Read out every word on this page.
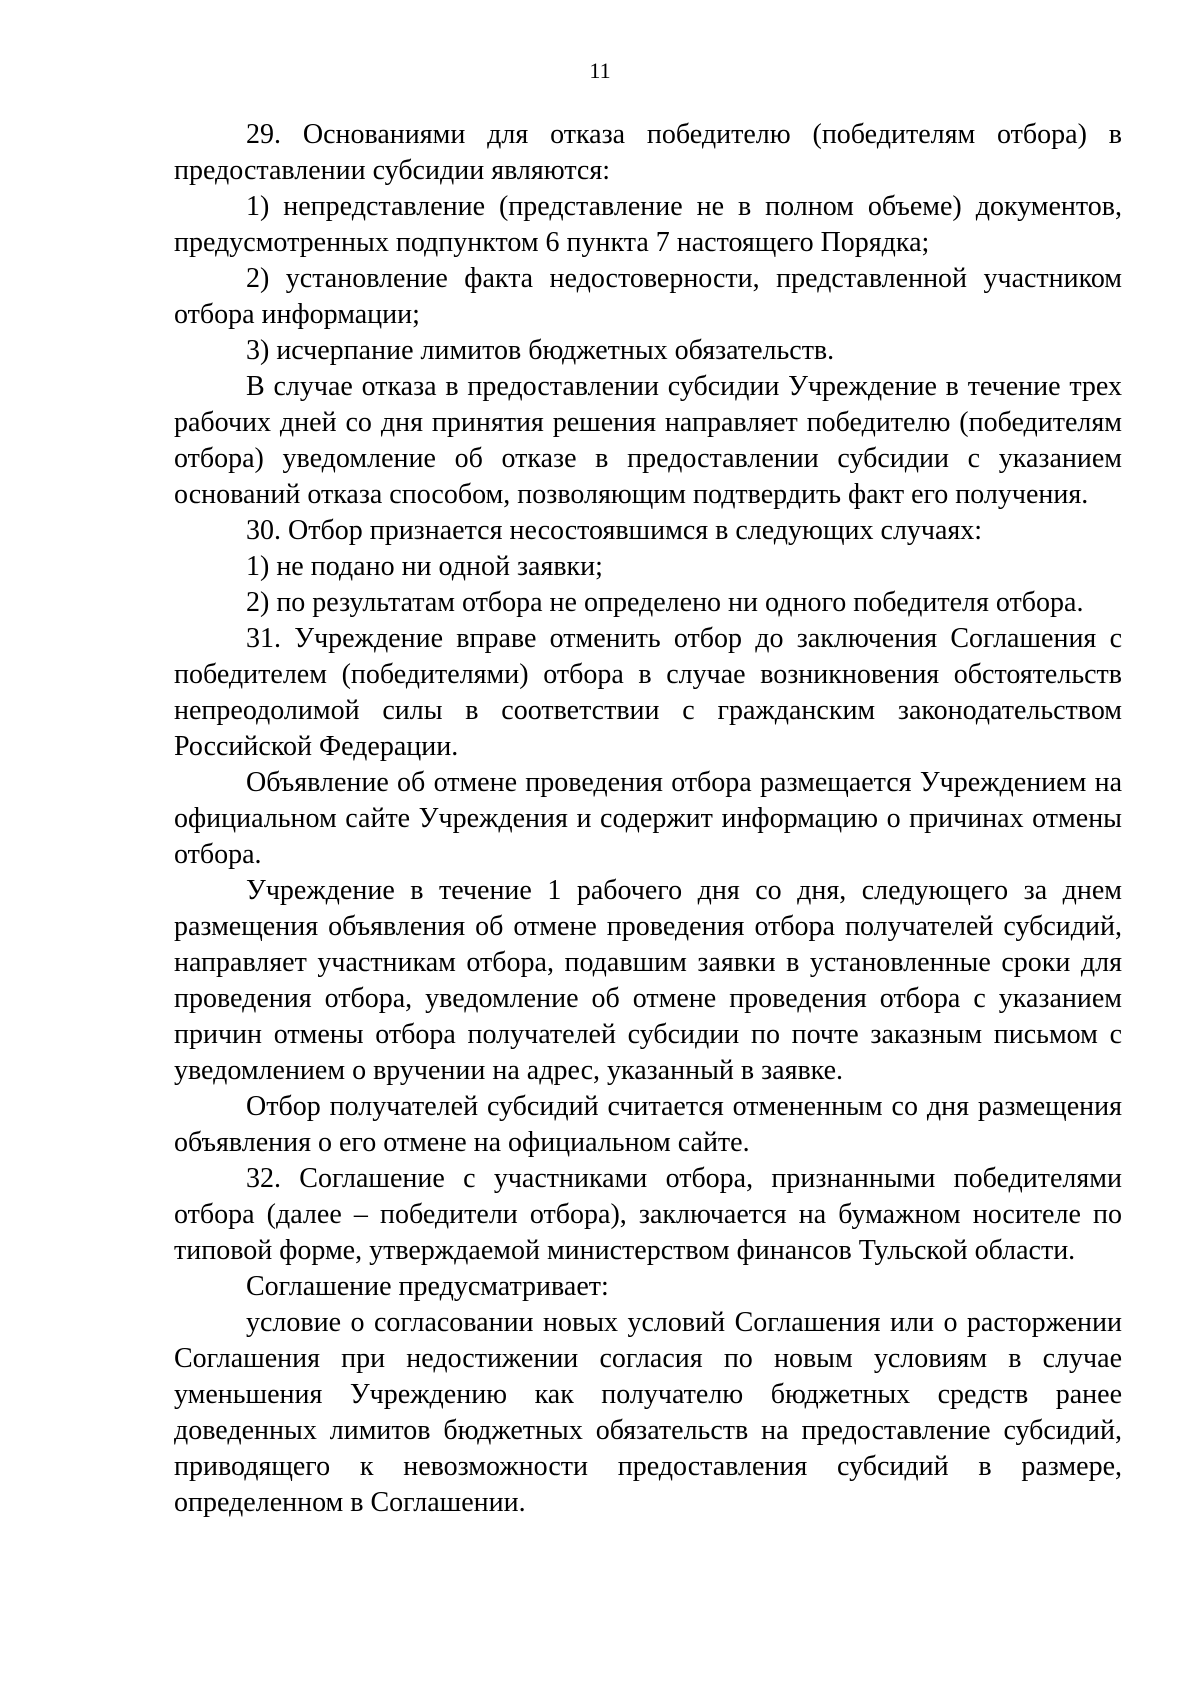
11

29. Основаниями для отказа победителю (победителям отбора) в предоставлении субсидии являются:

1) непредставление (представление не в полном объеме) документов, предусмотренных подпунктом 6 пункта 7 настоящего Порядка;

2) установление факта недостоверности, представленной участником отбора информации;

3) исчерпание лимитов бюджетных обязательств.

В случае отказа в предоставлении субсидии Учреждение в течение трех рабочих дней со дня принятия решения направляет победителю (победителям отбора) уведомление об отказе в предоставлении субсидии с указанием оснований отказа способом, позволяющим подтвердить факт его получения.

30. Отбор признается несостоявшимся в следующих случаях:

1) не подано ни одной заявки;

2) по результатам отбора не определено ни одного победителя отбора.

31. Учреждение вправе отменить отбор до заключения Соглашения с победителем (победителями) отбора в случае возникновения обстоятельств непреодолимой силы в соответствии с гражданским законодательством Российской Федерации.

Объявление об отмене проведения отбора размещается Учреждением на официальном сайте Учреждения и содержит информацию о причинах отмены отбора.

Учреждение в течение 1 рабочего дня со дня, следующего за днем размещения объявления об отмене проведения отбора получателей субсидий, направляет участникам отбора, подавшим заявки в установленные сроки для проведения отбора, уведомление об отмене проведения отбора с указанием причин отмены отбора получателей субсидии по почте заказным письмом с уведомлением о вручении на адрес, указанный в заявке.

Отбор получателей субсидий считается отмененным со дня размещения объявления о его отмене на официальном сайте.

32. Соглашение с участниками отбора, признанными победителями отбора (далее – победители отбора), заключается на бумажном носителе по типовой форме, утверждаемой министерством финансов Тульской области.

Соглашение предусматривает:

условие о согласовании новых условий Соглашения или о расторжении Соглашения при недостижении согласия по новым условиям в случае уменьшения Учреждению как получателю бюджетных средств ранее доведенных лимитов бюджетных обязательств на предоставление субсидий, приводящего к невозможности предоставления субсидий в размере, определенном в Соглашении.
